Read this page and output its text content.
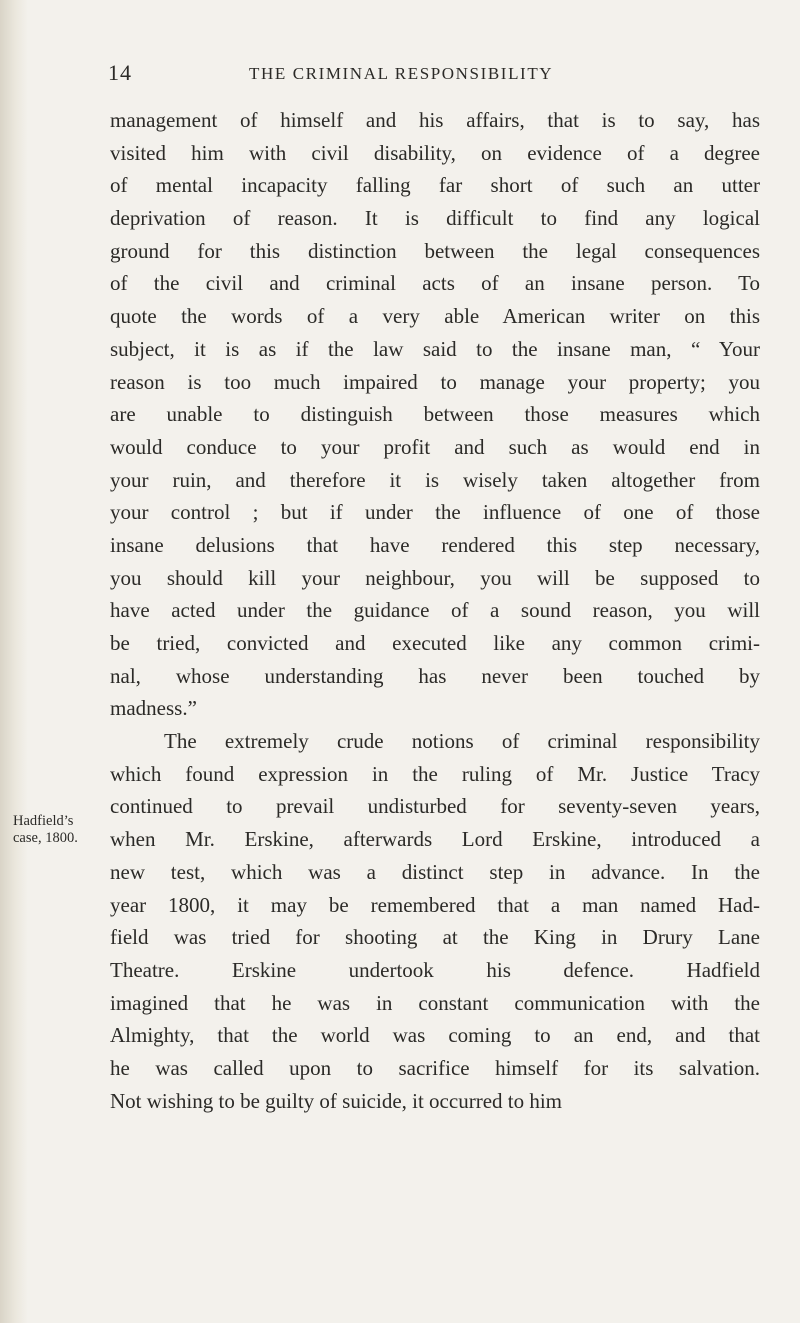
14	THE CRIMINAL RESPONSIBILITY
Hadfield’s
case, 1800.
management of himself and his affairs, that is to say, has
visited him with civil disability, on evidence of a degree
of mental incapacity falling far short of such an utter
deprivation of reason. It is difficult to find any logical
ground for this distinction between the legal consequences
of the civil and criminal acts of an insane person. To
quote the words of a very able American writer on this
subject, it is as if the law said to the insane man, “ Your
reason is too much impaired to manage your property; you
are unable to distinguish between those measures which
would conduce to your profit and such as would end in
your ruin, and therefore it is wisely taken altogether from
your control ; but if under the influence of one of those
insane delusions that have rendered this step necessary,
you should kill your neighbour, you will be supposed to
have acted under the guidance of a sound reason, you will
be tried, convicted and executed like any common crimi-
nal, whose understanding has never been touched by
madness.”
The extremely crude notions of criminal responsibility
which found expression in the ruling of Mr. Justice Tracy
continued to prevail undisturbed for seventy-seven years,
when Mr. Erskine, afterwards Lord Erskine, introduced a
new test, which was a distinct step in advance. In the
year 1800, it may be remembered that a man named Had-
field was tried for shooting at the King in Drury Lane
Theatre. Erskine undertook his defence. Hadfield
imagined that he was in constant communication with the
Almighty, that the world was coming to an end, and that
he was called upon to sacrifice himself for its salvation.
Not wishing to be guilty of suicide, it occurred to him
